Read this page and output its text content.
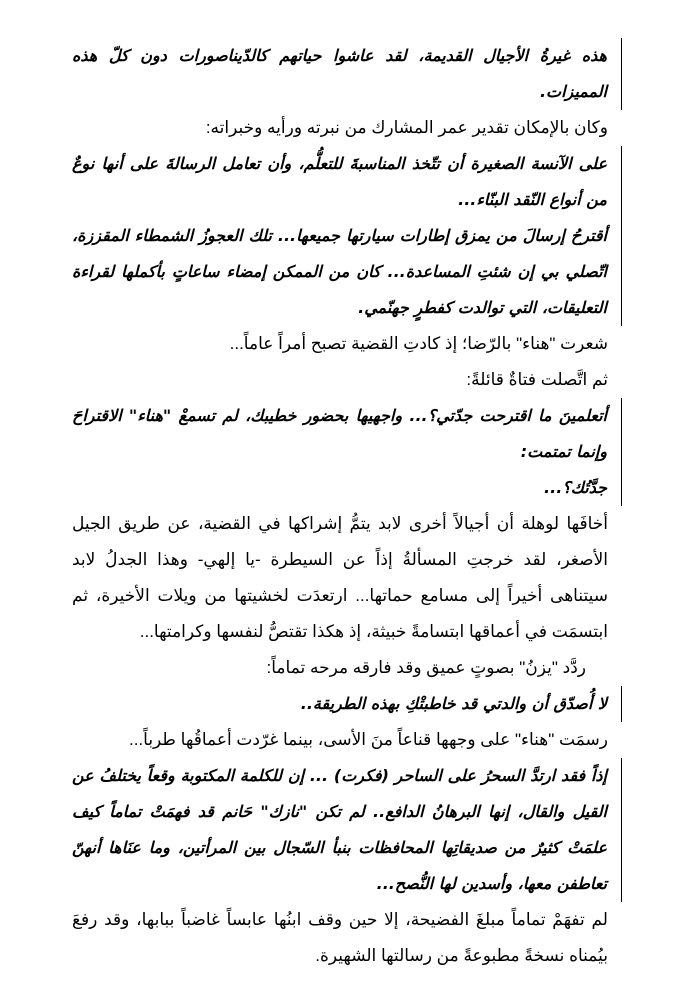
هذه غيرةُ الأجيال القديمة، لقد عاشوا حياتهم كالدّيناصورات دون كلّ هذه المميزات.

وكان بالإمكان تقدير عمر المشارك من نبرته ورأيه وخبراته:

على الآنسة الصغيرة أن تتّخذ المناسبةَ للتعلُّم، وأن تعامل الرسالةَ على أنها نوعٌ من أنواع النّقد البنّاء...

أقترحُ إرسالَ من يمزق إطارات سيارتها جميعها... تلك العجوزُ الشمطاء المقززة، اتّصلي بي إن شئتِ المساعدة... كان من الممكن إمضاء ساعاتٍ بأكملها لقراءة التعليقات، التي توالدت كفطرٍ جهنّمي.

شعرت "هناء" بالرّضا؛ إذ كادتِ القضية تصبح أمراً عاماً...

ثم اتَّصلت فتاةٌ قائلةً:

أتعلمينَ ما اقترحت جدّتي؟... واجهيها بحضور خطيبك، لم تسمعْ "هناء" الاقتراحَ وإنما تمتمت:

جدَّتُك؟...

أخافَها لوهلة أن أجيالاً أخرى لابد يتمُّ إشراكها في القضية، عن طريق الجيل الأصغر، لقد خرجتِ المسألةُ إذاً عن السيطرة -يا إلهي- وهذا الجدلُ لابد سيتناهى أخيراً إلى مسامع حماتها... ارتعدَت لخشيتها من ويلات الأخيرة، ثم ابتسمَت في أعماقها ابتسامةً خبيثة، إذ هكذا تقتصُّ لنفسها وكرامتها...

ردَّد "يزنُ" بصوتٍ عميق وقد فارقه مرحه تماماً:

لا أُصدّق أن والدتي قد خاطبتْكِ بهذه الطريقة..

رسمَت "هناء" على وجهها قناعاً منَ الأسى، بينما غرّدت أعماقُها طرباً...

إذاً فقد ارتدَّ السحرُ على الساحر (فكرت) ... إن للكلمة المكتوبة وقعاً يختلفُ عن القيل والقال، إنها البرهانُ الدافع.. لم تكن "نازك" حَانم قد فهمَتْ تماماً كيف علمَتْ كثيرٌ من صديقاتِها المحافظات بنبأ السّجال بين المرأتين، وما عنَاها أنهنّ تعاطفن معها، وأسدين لها النُّصح...

لم تفهَمْ تماماً مبلغَ الفضيحة، إلا حين وقف ابنُها عابساً غاضباً ببابها، وقد رفعَ بيُمناه نسخةً مطبوعةً من رسالتها الشهيرة.
